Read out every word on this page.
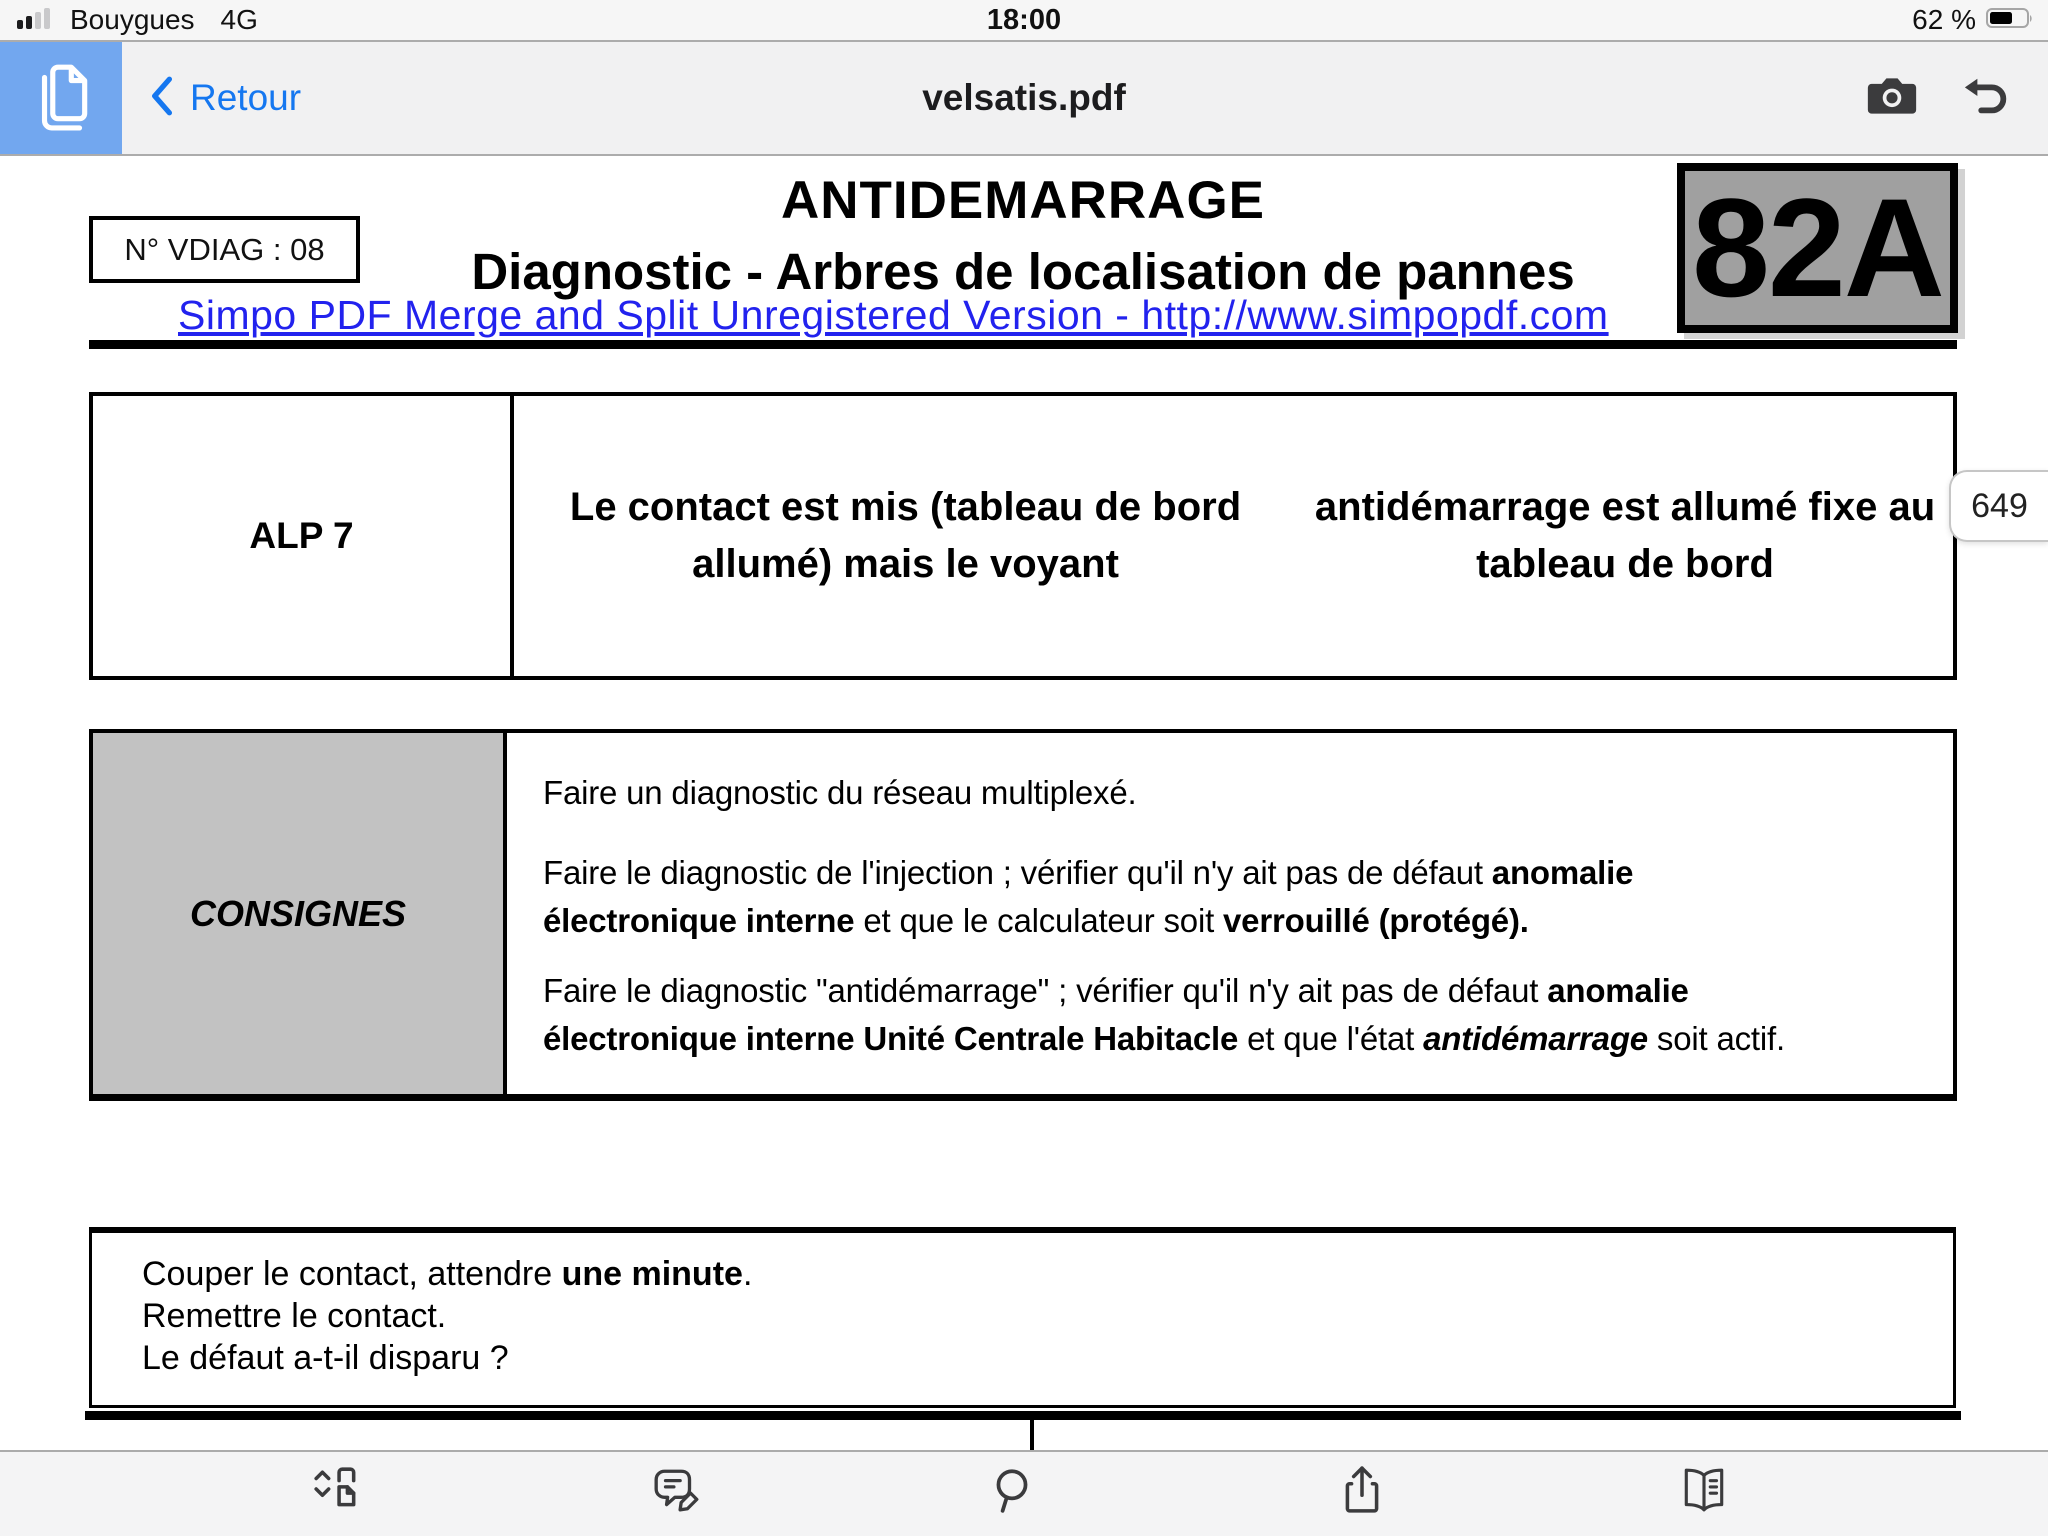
Bouygues 4G	18:00	62 %
Retour	velsatis.pdf
N° VDIAG : 08
ANTIDEMARRAGE
Diagnostic - Arbres de localisation de pannes
Simpo PDF Merge and Split Unregistered Version - http://www.simpopdf.com 82A
ALP 7
Le contact est mis (tableau de bord allumé) mais le voyant

antidémarrage est allumé fixe au tableau de bord
649
CONSIGNES

Faire un diagnostic du réseau multiplexé.

Faire le diagnostic de l'injection ; vérifier qu'il n'y ait pas de défaut anomalie
électronique interne et que le calculateur soit verrouillé (protégé).

Faire le diagnostic "antidémarrage" ; vérifier qu'il n'y ait pas de défaut anomalie
électronique interne Unité Centrale Habitacle et que l'état antidémarrage soit actif.

Couper le contact, attendre une minute.
Remettre le contact.
Le défaut a-t-il disparu ?
